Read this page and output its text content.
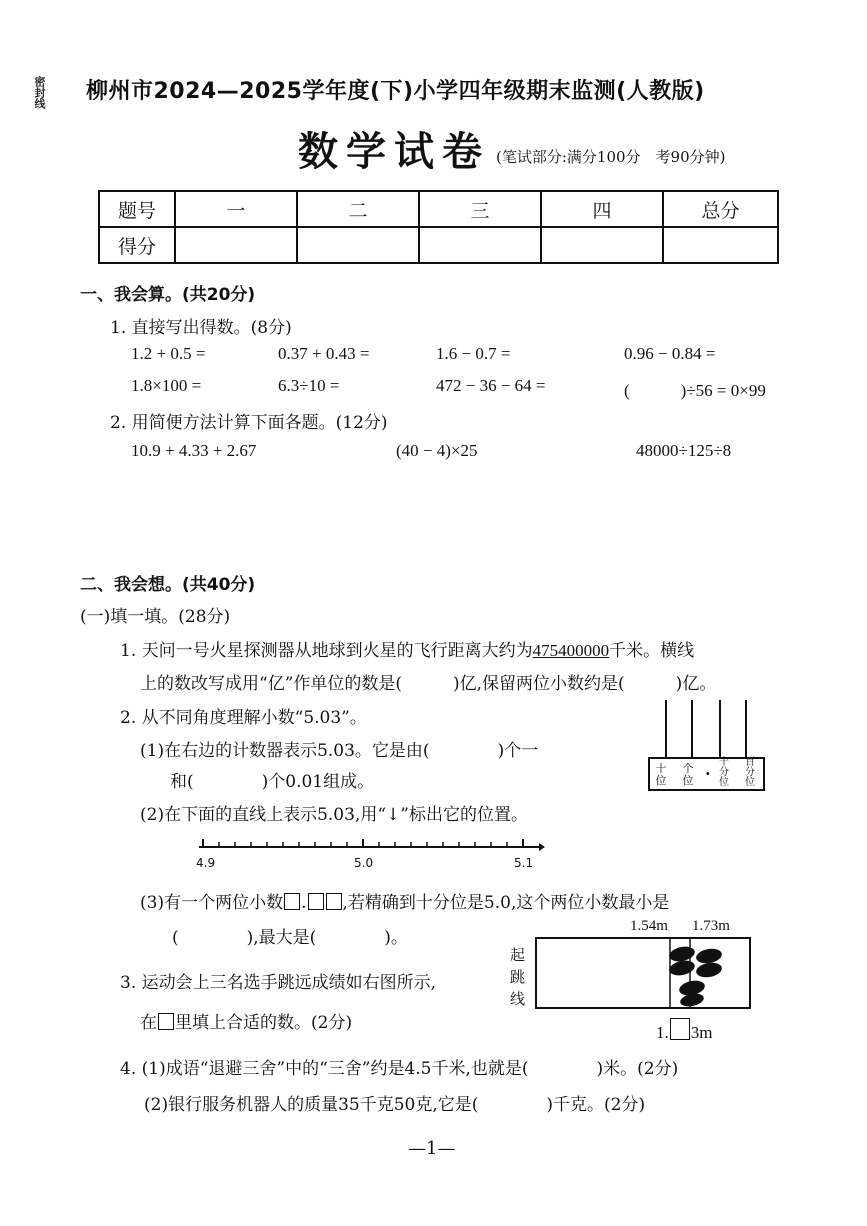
密封线 柳州市2024—2025学年度(下)小学四年级期末监测(人教版)
数学试卷 (笔试部分:满分100分　考90分钟)
题号	一	二	三	四	总分
得分					
一、我会算。(共20分)
1. 直接写出得数。(8分)
1.2 + 0.5 =	0.37 + 0.43 =	1.6 − 0.7 =	0.96 − 0.84 =
1.8×100 =	6.3÷10 =	472 − 36 − 64 =	(　　　)÷56 = 0×99
2. 用简便方法计算下面各题。(12分)
10.9 + 4.33 + 2.67	(40 − 4)×25	48000÷125÷8
二、我会想。(共40分)
(一)填一填。(28分)
1. 天问一号火星探测器从地球到火星的飞行距离大约为475400000千米。横线
上的数改写成用“亿”作单位的数是(　　　)亿,保留两位小数约是(　　　)亿。
2. 从不同角度理解小数“5.03”。
(1)在右边的计数器表示5.03。它是由(　　　　)个一
和(　　　　)个0.01组成。
十位
个位 ·
十分位
百分位
(2)在下面的直线上表示5.03,用“↓”标出它的位置。
4.9	5.0	5.1
(3)有一个两位小数 . ,若精确到十分位是5.0,这个两位小数最小是
(　　　　),最大是(　　　　)。
3. 运动会上三名选手跳远成绩如右图所示,
在 里填上合适的数。(2分)
起跳线
1.54m 1.73m
1. 3m
4. (1)成语“退避三舍”中的“三舍”约是4.5千米,也就是(　　　　)米。(2分)
(2)银行服务机器人的质量35千克50克,它是(　　　　)千克。(2分)
—1—
